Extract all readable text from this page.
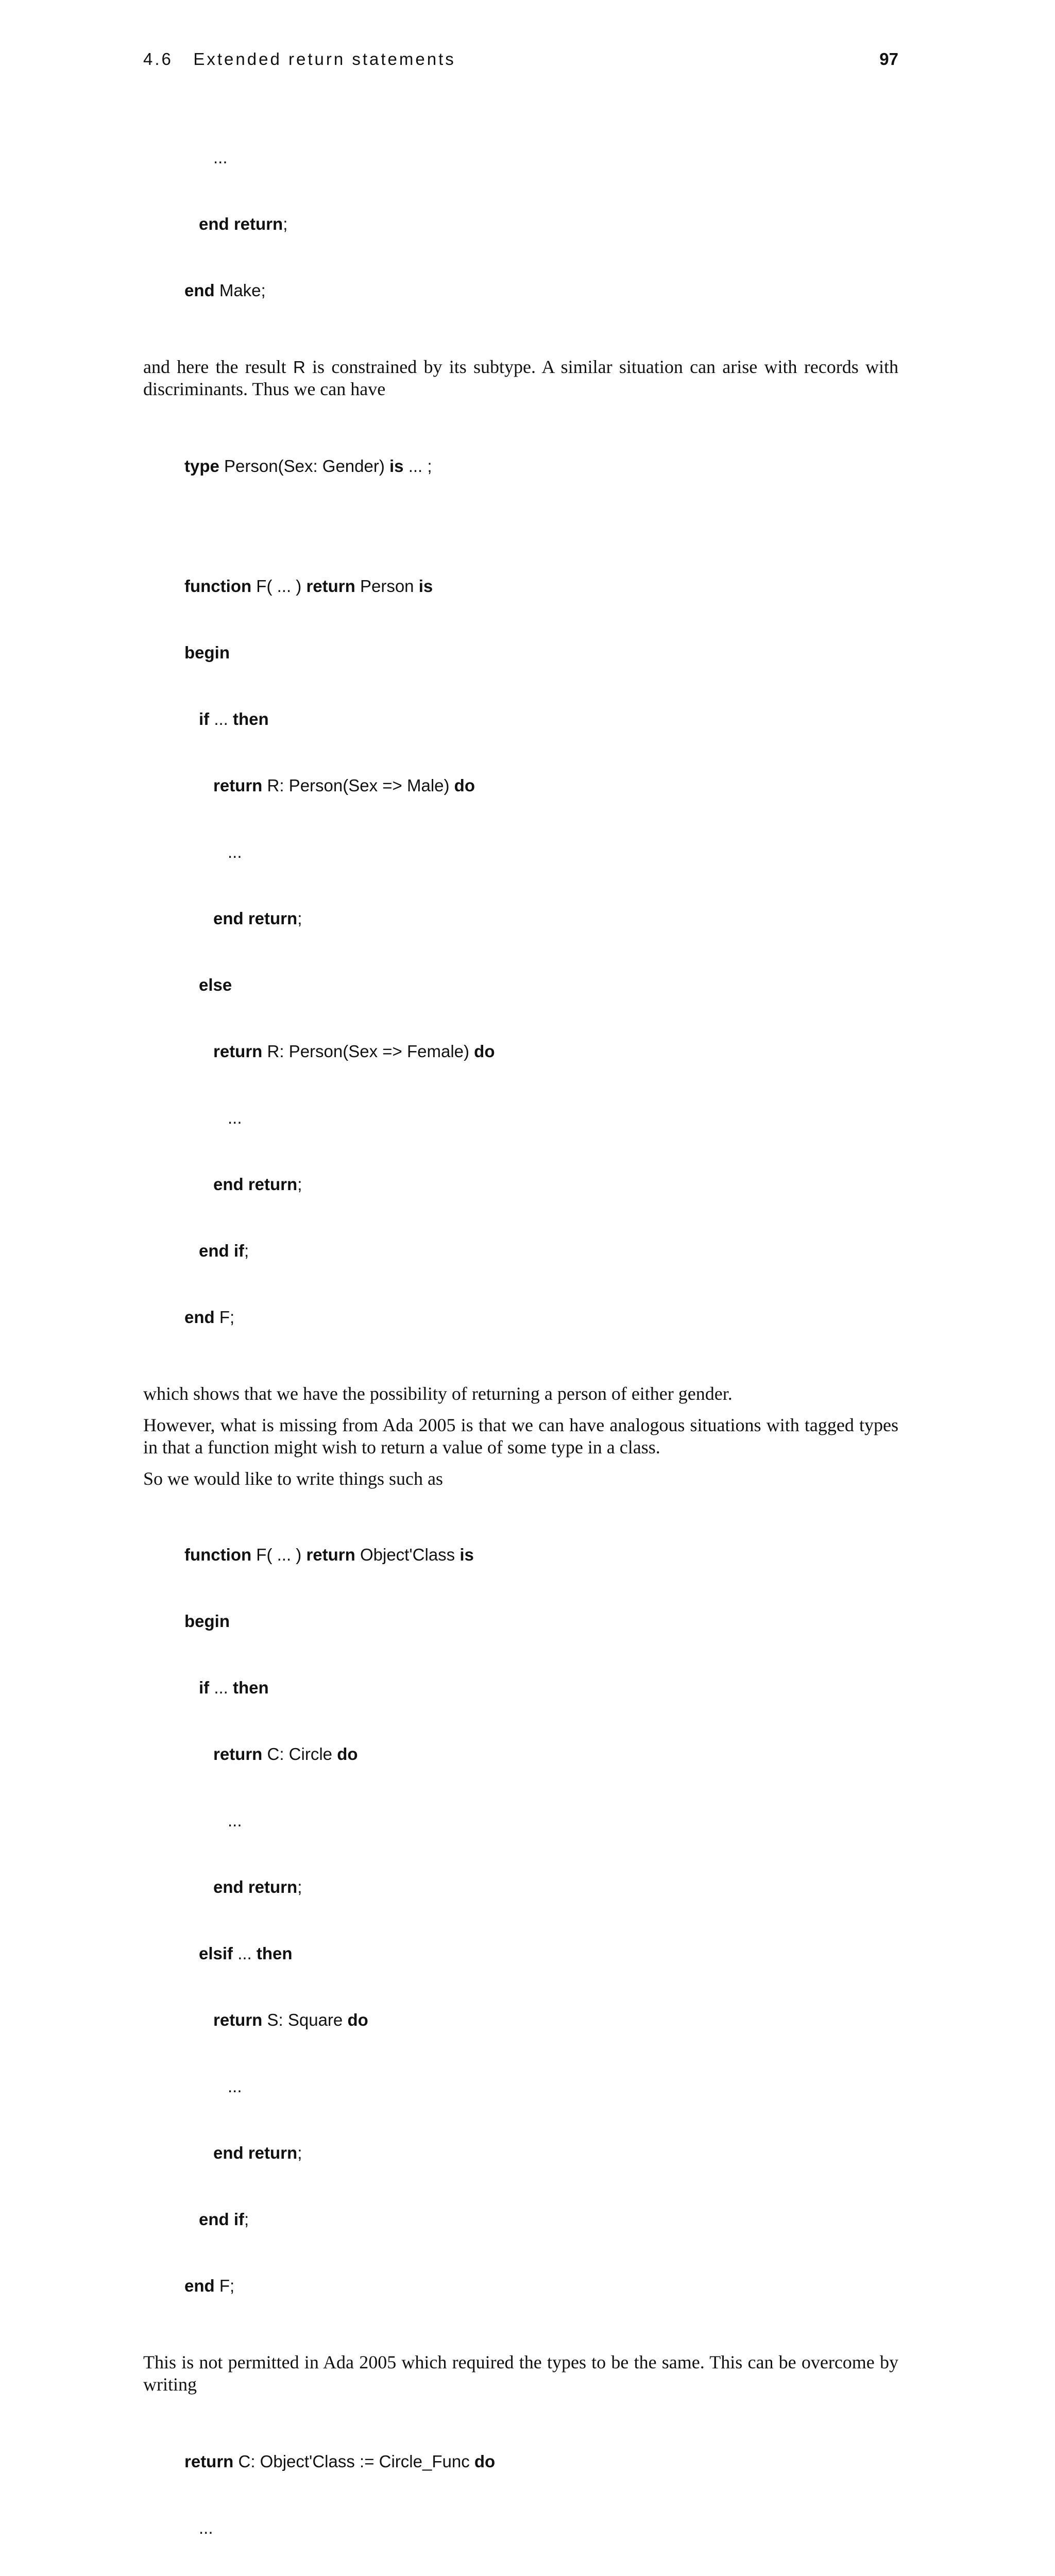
4.6   Extended return statements	97

...

end return;

end Make;

and here the result R is constrained by its subtype. A similar situation can arise with records with discriminants. Thus we can have

type Person(Sex: Gender) is ... ;

function F( ... ) return Person is

begin

if ... then

return R: Person(Sex => Male) do

...

end return;

else

return R: Person(Sex => Female) do

...

end return;

end if;

end F;

which shows that we have the possibility of returning a person of either gender.

However, what is missing from Ada 2005 is that we can have analogous situations with tagged types in that a function might wish to return a value of some type in a class.

So we would like to write things such as

function F( ... ) return Object'Class is

begin

if ... then

return C: Circle do

...

end return;

elsif ... then

return S: Square do

...

end return;

end if;

end F;

This is not permitted in Ada 2005 which required the types to be the same. This can be overcome by writing

return C: Object'Class := Circle_Func do

...
